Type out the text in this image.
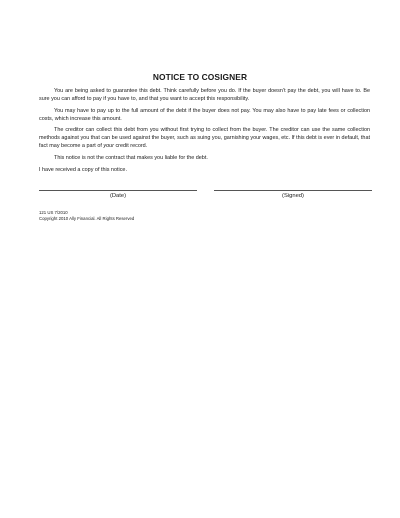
NOTICE TO COSIGNER

You are being asked to guarantee this debt. Think carefully before you do. If the buyer doesn’t pay the debt, you will have to. Be sure you can afford to pay if you have to, and that you want to accept this responsibility.

You may have to pay up to the full amount of the debt if the buyer does not pay. You may also have to pay late fees or collection costs, which increase this amount.

The creditor can collect this debt from you without first trying to collect from the buyer. The creditor can use the same collection methods against you that can be used against the buyer, such as suing you, garnishing your wages, etc. If this debt is ever in default, that fact may become a part of your credit record.

This notice is not the contract that makes you liable for the debt.

I have received a copy of this notice.
(Date)	(Signed)
121 US 7/2010
Copyright 2010 Ally Financial. All Rights Reserved
